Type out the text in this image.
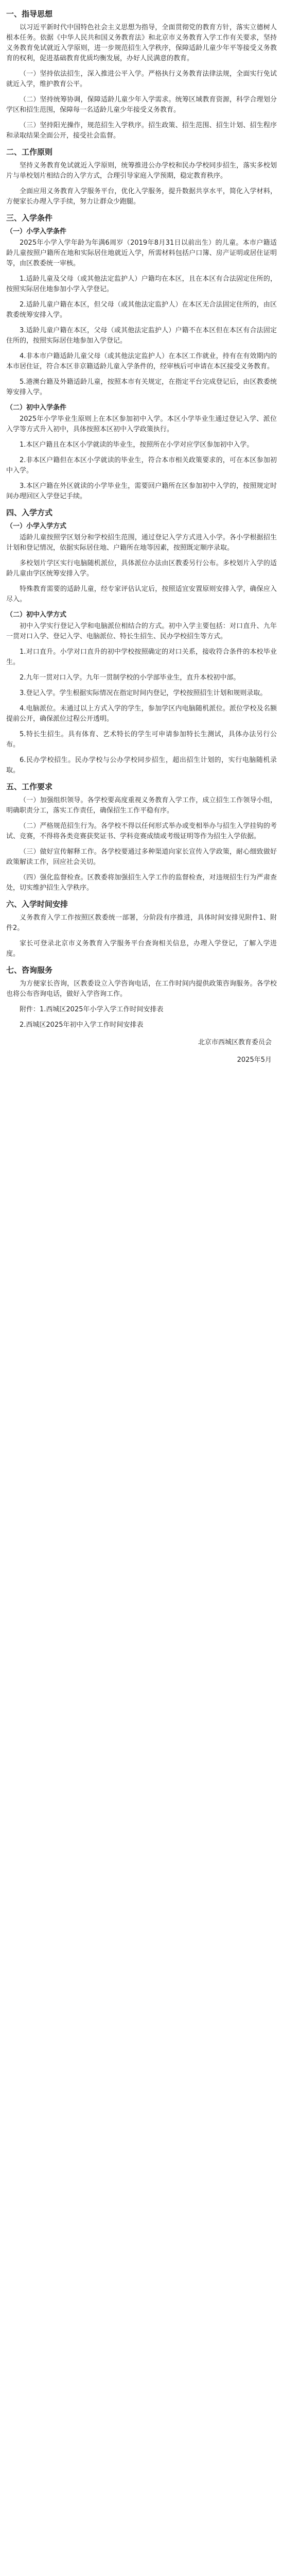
一、指导思想

以习近平新时代中国特色社会主义思想为指导，全面贯彻党的教育方针，落实立德树人根本任务。依据《中华人民共和国义务教育法》和北京市义务教育入学工作有关要求，坚持义务教育免试就近入学原则，进一步规范招生入学秩序，保障适龄儿童少年平等接受义务教育的权利，促进基础教育优质均衡发展，办好人民满意的教育。

（一）坚持依法招生，深入推进公平入学。严格执行义务教育法律法规，全面实行免试就近入学，维护教育公平。

（二）坚持统筹协调，保障适龄儿童少年入学需求。统筹区域教育资源，科学合理划分学区和招生范围，保障每一名适龄儿童少年接受义务教育。

（三）坚持阳光操作，规范招生入学秩序。招生政策、招生范围、招生计划、招生程序和录取结果全面公开，接受社会监督。

二、工作原则

坚持义务教育免试就近入学原则，统筹推进公办学校和民办学校同步招生，落实多校划片与单校划片相结合的入学方式，合理引导家庭入学预期，稳定教育秩序。

全面应用义务教育入学服务平台，优化入学服务，提升数据共享水平，简化入学材料，方便家长办理入学手续，努力让群众少跑腿。

三、入学条件
（一）小学入学条件

2025年小学入学年龄为年满6周岁（2019年8月31日以前出生）的儿童。本市户籍适龄儿童按照户籍所在地和实际居住地就近入学，所需材料包括户口簿、房产证明或居住证明等，由区教委统一审核。

1.适龄儿童及父母（或其他法定监护人）户籍均在本区，且在本区有合法固定住所的，按照实际居住地参加小学入学登记。

2.适龄儿童户籍在本区，但父母（或其他法定监护人）在本区无合法固定住所的，由区教委统筹安排入学。

3.适龄儿童户籍在本区，父母（或其他法定监护人）户籍不在本区但在本区有合法固定住所的，按照实际居住地参加入学登记。

4.非本市户籍适龄儿童父母（或其他法定监护人）在本区工作就业，持有在有效期内的本市居住证，符合本区非京籍适龄儿童入学条件的，经审核后可申请在本区接受义务教育。

5.港澳台籍及外籍适龄儿童，按照本市有关规定，在指定平台完成登记后，由区教委统筹安排入学。

（二）初中入学条件

2025年小学毕业生原则上在本区参加初中入学。本区小学毕业生通过登记入学、派位入学等方式升入初中，具体按照本区初中入学政策执行。

1.本区户籍且在本区小学就读的毕业生，按照所在小学对应学区参加初中入学。

2.非本区户籍但在本区小学就读的毕业生，符合本市相关政策要求的，可在本区参加初中入学。

3.本区户籍在外区就读的小学毕业生，需要回户籍所在区参加初中入学的，按照规定时间办理回区入学登记手续。

四、入学方式
（一）小学入学方式

适龄儿童按照学区划分和学校招生范围，通过登记入学方式进入小学。各小学根据招生计划和登记情况，依据实际居住地、户籍所在地等因素，按照既定顺序录取。

多校划片学区实行电脑随机派位，具体派位办法由区教委另行公布。多校划片入学的适龄儿童由学区统筹安排入学。

特殊教育需要的适龄儿童，经专家评估认定后，按照适宜安置原则安排入学，确保应入尽入。

（二）初中入学方式

初中入学实行登记入学和电脑派位相结合的方式。初中入学主要包括：对口直升、九年一贯对口入学、登记入学、电脑派位、特长生招生、民办学校招生等方式。

1.对口直升。小学对口直升的初中学校按照确定的对口关系，接收符合条件的本校毕业生。

2.九年一贯对口入学。九年一贯制学校的小学部毕业生，直升本校初中部。

3.登记入学。学生根据实际情况在指定时间内登记，学校按照招生计划和规则录取。

4.电脑派位。未通过以上方式入学的学生，参加学区内电脑随机派位。派位学校及名额提前公开，确保派位过程公开透明。

5.特长生招生。具有体育、艺术特长的学生可申请参加特长生测试，具体办法另行公布。

6.民办学校招生。民办学校与公办学校同步招生，超出招生计划的，实行电脑随机录取。

五、工作要求

（一）加强组织领导。各学校要高度重视义务教育入学工作，成立招生工作领导小组，明确职责分工，落实工作责任，确保招生工作平稳有序。

（二）严格规范招生行为。各学校不得以任何形式举办或变相举办与招生入学挂钩的考试、竞赛，不得将各类竞赛获奖证书、学科竞赛成绩或考级证明等作为招生入学依据。

（三）做好宣传解释工作。各学校要通过多种渠道向家长宣传入学政策，耐心细致做好政策解读工作，回应社会关切。

（四）强化监督检查。区教委将加强招生入学工作的监督检查，对违规招生行为严肃查处，切实维护招生入学秩序。

六、入学时间安排

义务教育入学工作按照区教委统一部署，分阶段有序推进，具体时间安排见附件1、附件2。

家长可登录北京市义务教育入学服务平台查询相关信息，办理入学登记，了解入学进度。

七、咨询服务

为方便家长咨询，区教委设立入学咨询电话，在工作时间内提供政策咨询服务。各学校也将公布咨询电话，做好入学咨询工作。

附件：1.西城区2025年小学入学工作时间安排表

2.西城区2025年初中入学工作时间安排表

北京市西城区教育委员会
2025年5月
